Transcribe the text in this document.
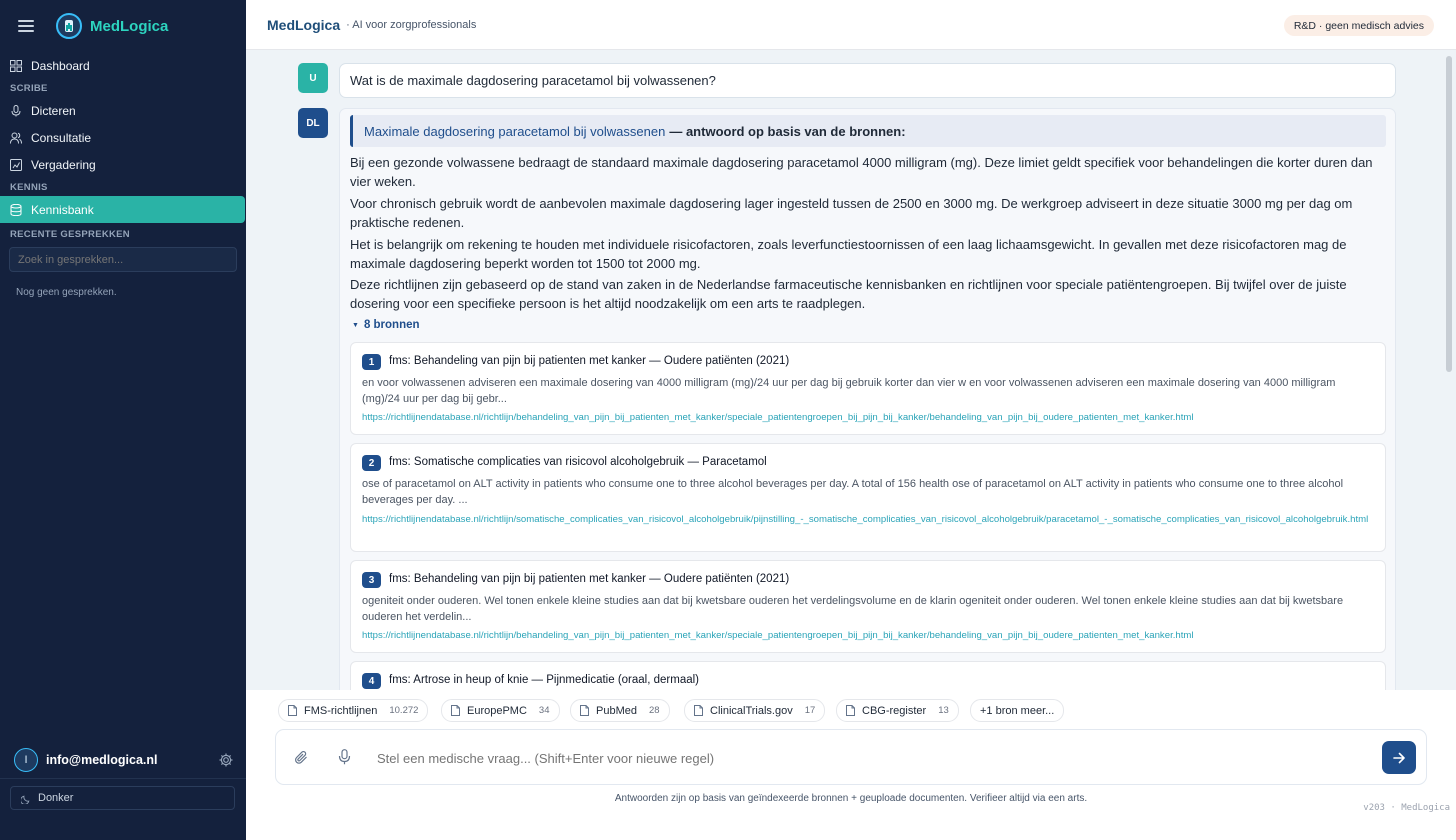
MedLogica
Dashboard
SCRIBE
Dicteren
Consultatie
Vergadering
KENNIS
Kennisbank
RECENTE GESPREKKEN
Zoek in gesprekken...
Nog geen gesprekken.
I	info@medlogica.nl
Donker
MedLogica · AI voor zorgprofessionals	R&D · geen medisch advies
U	Wat is de maximale dagdosering paracetamol bij volwassenen?
DL
Maximale dagdosering paracetamol bij volwassenen — antwoord op basis van de bronnen:

Bij een gezonde volwassene bedraagt de standaard maximale dagdosering paracetamol 4000 milligram (mg). Deze limiet geldt specifiek voor behandelingen die korter duren dan vier weken.

Voor chronisch gebruik wordt de aanbevolen maximale dagdosering lager ingesteld tussen de 2500 en 3000 mg. De werkgroep adviseert in deze situatie 3000 mg per dag om praktische redenen.

Het is belangrijk om rekening te houden met individuele risicofactoren, zoals leverfunctiestoornissen of een laag lichaamsgewicht. In gevallen met deze risicofactoren mag de maximale dagdosering beperkt worden tot 1500 tot 2000 mg.

Deze richtlijnen zijn gebaseerd op de stand van zaken in de Nederlandse farmaceutische kennisbanken en richtlijnen voor speciale patiëntengroepen. Bij twijfel over de juiste dosering voor een specifieke persoon is het altijd noodzakelijk om een arts te raadplegen.

▼ 8 bronnen
1	fms: Behandeling van pijn bij patienten met kanker — Oudere patiënten (2021)
en voor volwassenen adviseren een maximale dosering van 4000 milligram (mg)/24 uur per dag bij gebruik korter dan vier w en voor volwassenen adviseren een maximale dosering van 4000 milligram (mg)/24 uur per dag bij gebr...
https://richtlijnendatabase.nl/richtlijn/behandeling_van_pijn_bij_patienten_met_kanker/speciale_patientengroepen_bij_pijn_bij_kanker/behandeling_van_pijn_bij_oudere_patienten_met_kanker.html
2	fms: Somatische complicaties van risicovol alcoholgebruik — Paracetamol
ose of paracetamol on ALT activity in patients who consume one to three alcohol beverages per day. A total of 156 health ose of paracetamol on ALT activity in patients who consume one to three alcohol beverages per day. ...
https://richtlijnendatabase.nl/richtlijn/somatische_complicaties_van_risicovol_alcoholgebruik/pijnstilling_-_somatische_complicaties_van_risicovol_alcoholgebruik/paracetamol_-_somatische_complicaties_van_risicovol_alcoholgebruik.html
3	fms: Behandeling van pijn bij patienten met kanker — Oudere patiënten (2021)
ogeniteit onder ouderen. Wel tonen enkele kleine studies aan dat bij kwetsbare ouderen het verdelingsvolume en de klarin ogeniteit onder ouderen. Wel tonen enkele kleine studies aan dat bij kwetsbare ouderen het verdelin...
https://richtlijnendatabase.nl/richtlijn/behandeling_van_pijn_bij_patienten_met_kanker/speciale_patientengroepen_bij_pijn_bij_kanker/behandeling_van_pijn_bij_oudere_patienten_met_kanker.html
4	fms: Artrose in heup of knie — Pijnmedicatie (oraal, dermaal)
FMS-richtlijnen 10.272	EuropePMC 34	PubMed 28	ClinicalTrials.gov 17	CBG-register 13	+1 bron meer...
Stel een medische vraag... (Shift+Enter voor nieuwe regel)
Antwoorden zijn op basis van geïndexeerde bronnen + geuploade documenten. Verifieer altijd via een arts.
v203 · MedLogica
